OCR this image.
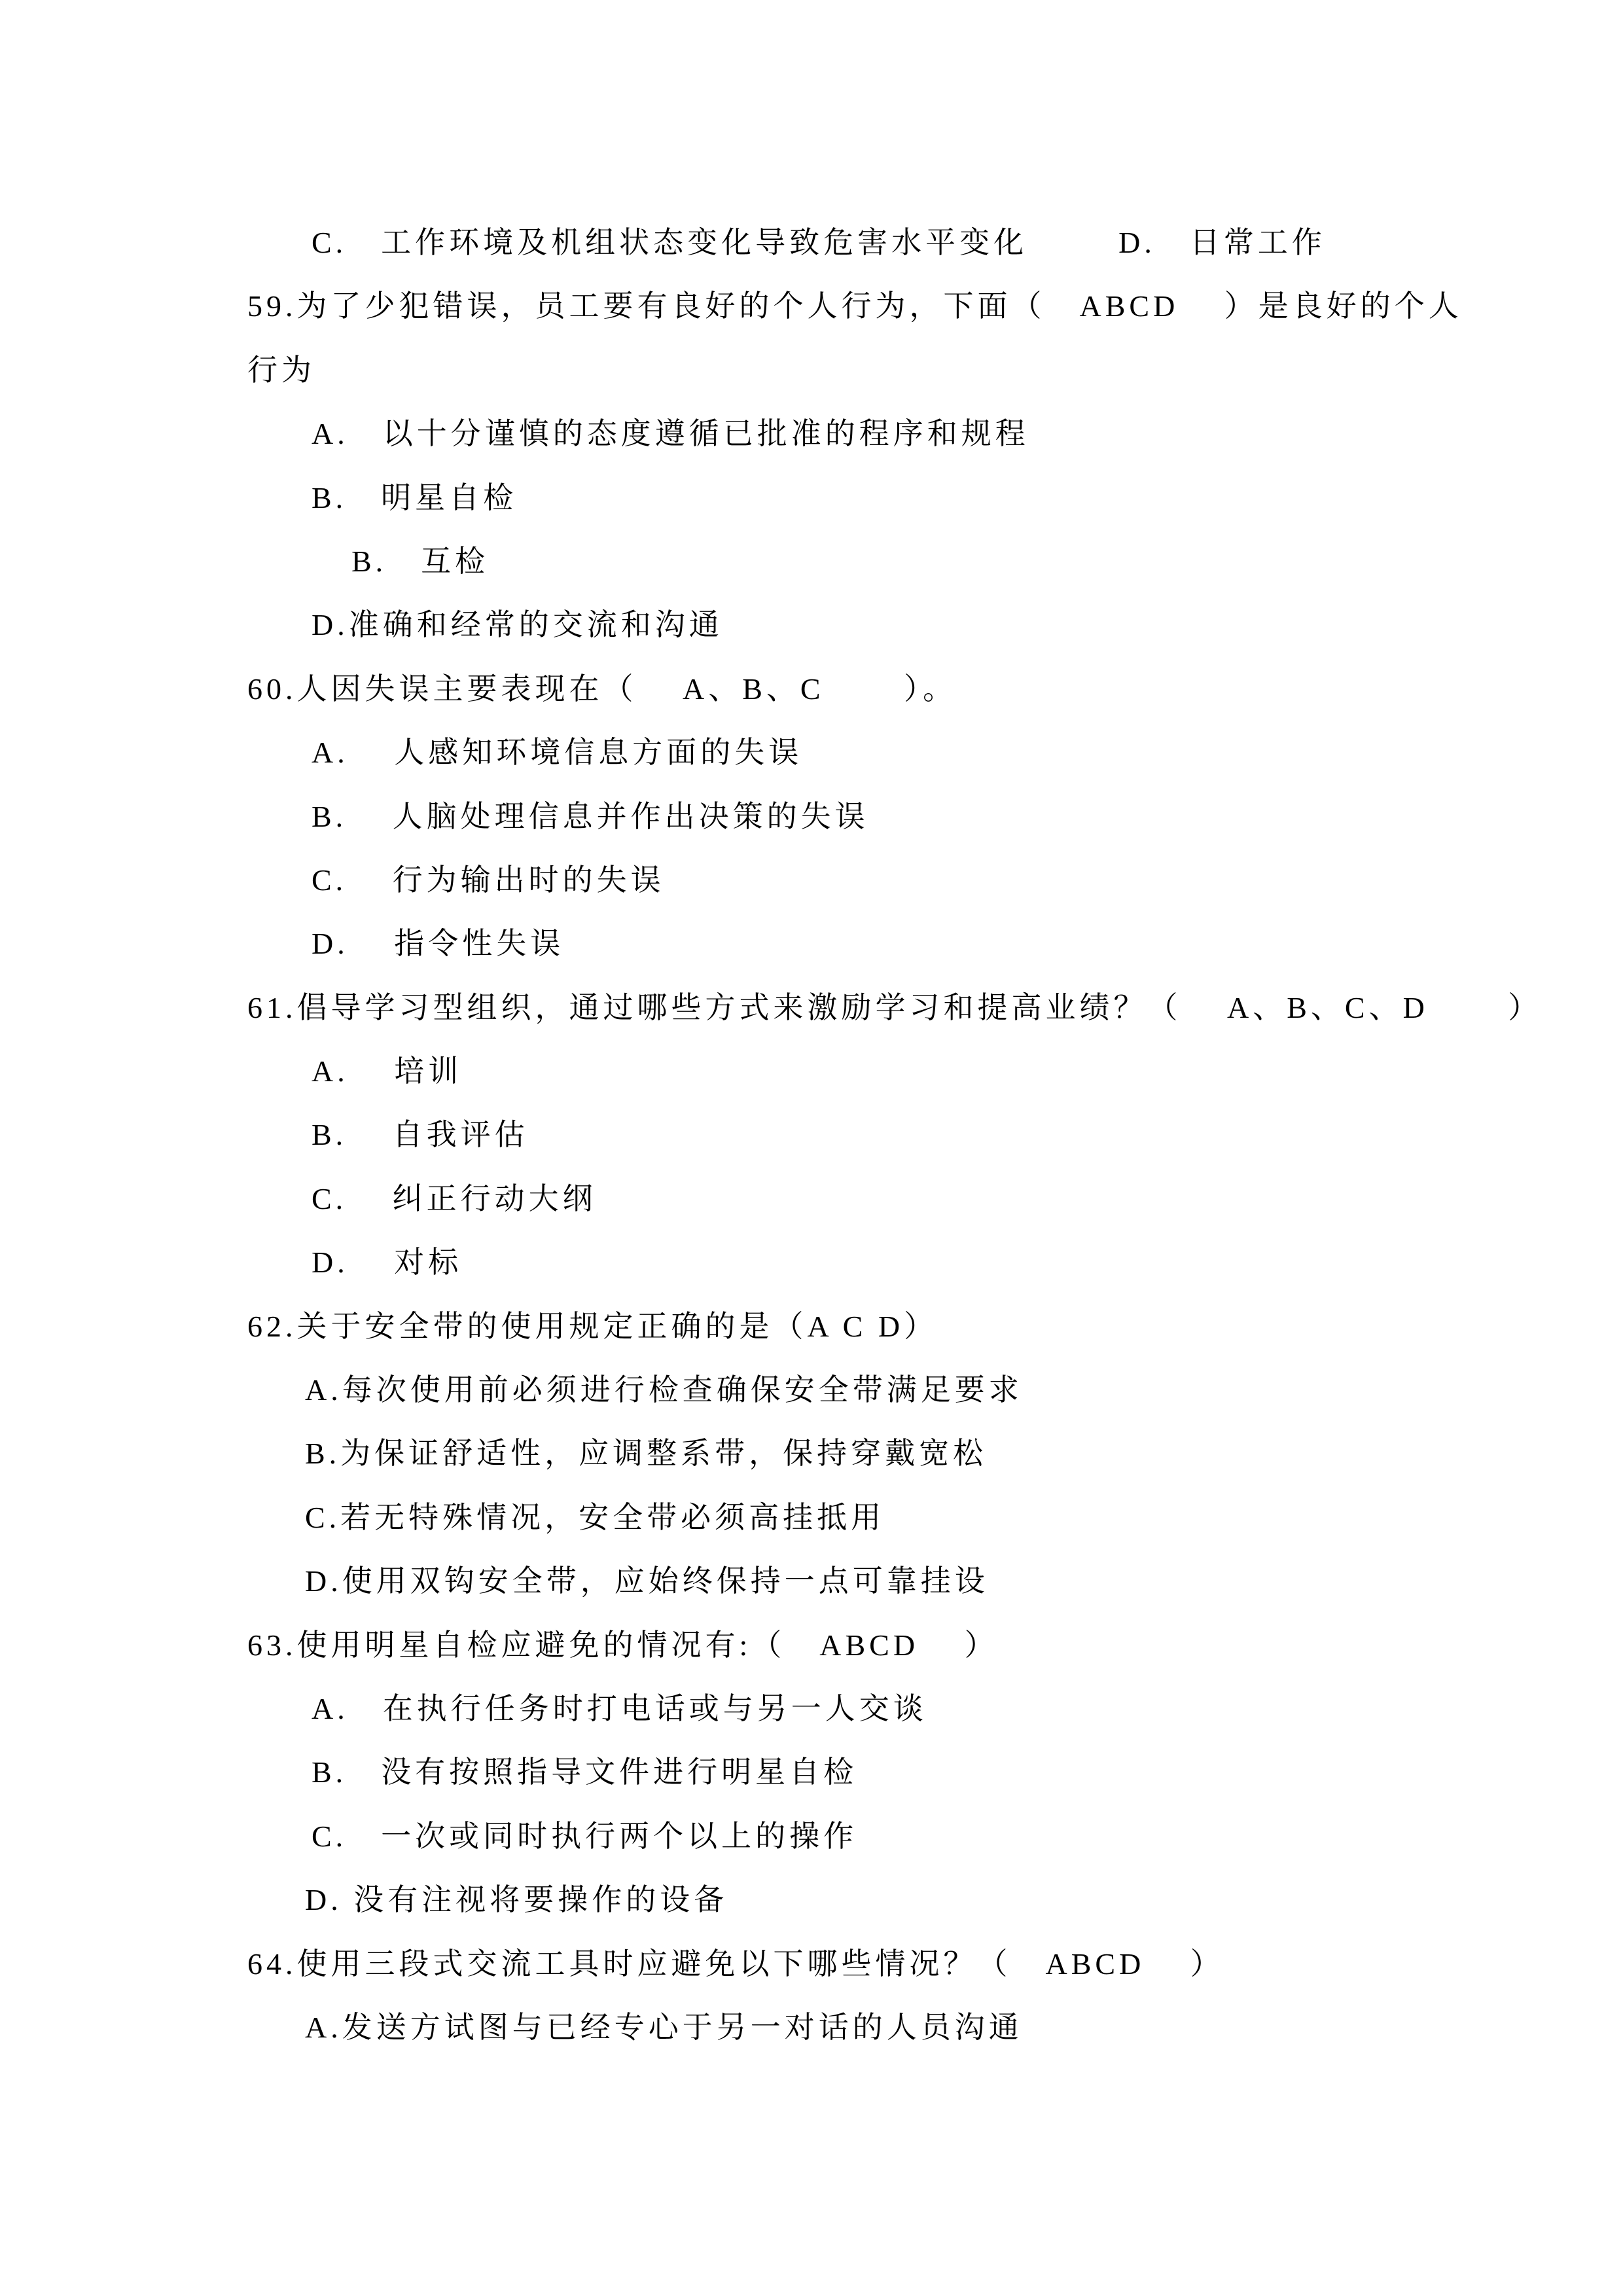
C.　工作环境及机组状态变化导致危害水平变化　　  D.　日常工作
59.为了少犯错误，员工要有良好的个人行为，下面（　ABCD　 ）是良好的个人
行为
A.　以十分谨慎的态度遵循已批准的程序和规程
B.　明星自检
B.　互检
D.准确和经常的交流和沟通
60.人因失误主要表现在（　 A、B、C　　 ）。
A.　 人感知环境信息方面的失误
B.　 人脑处理信息并作出决策的失误
C.　 行为输出时的失误
D.　 指令性失误
61.倡导学习型组织，通过哪些方式来激励学习和提高业绩？（　 A、B、C、D　　 ）
A.　 培训
B.　 自我评估
C.　 纠正行动大纲
D.　 对标
62.关于安全带的使用规定正确的是（A C D）
A.每次使用前必须进行检查确保安全带满足要求
B.为保证舒适性，应调整系带，保持穿戴宽松
C.若无特殊情况，安全带必须高挂抵用
D.使用双钩安全带，应始终保持一点可靠挂设
63.使用明星自检应避免的情况有:（　ABCD　 ）
A.　在执行任务时打电话或与另一人交谈
B.　没有按照指导文件进行明星自检
C.　一次或同时执行两个以上的操作
D. 没有注视将要操作的设备
64.使用三段式交流工具时应避免以下哪些情况？（　ABCD　 ）
A.发送方试图与已经专心于另一对话的人员沟通
